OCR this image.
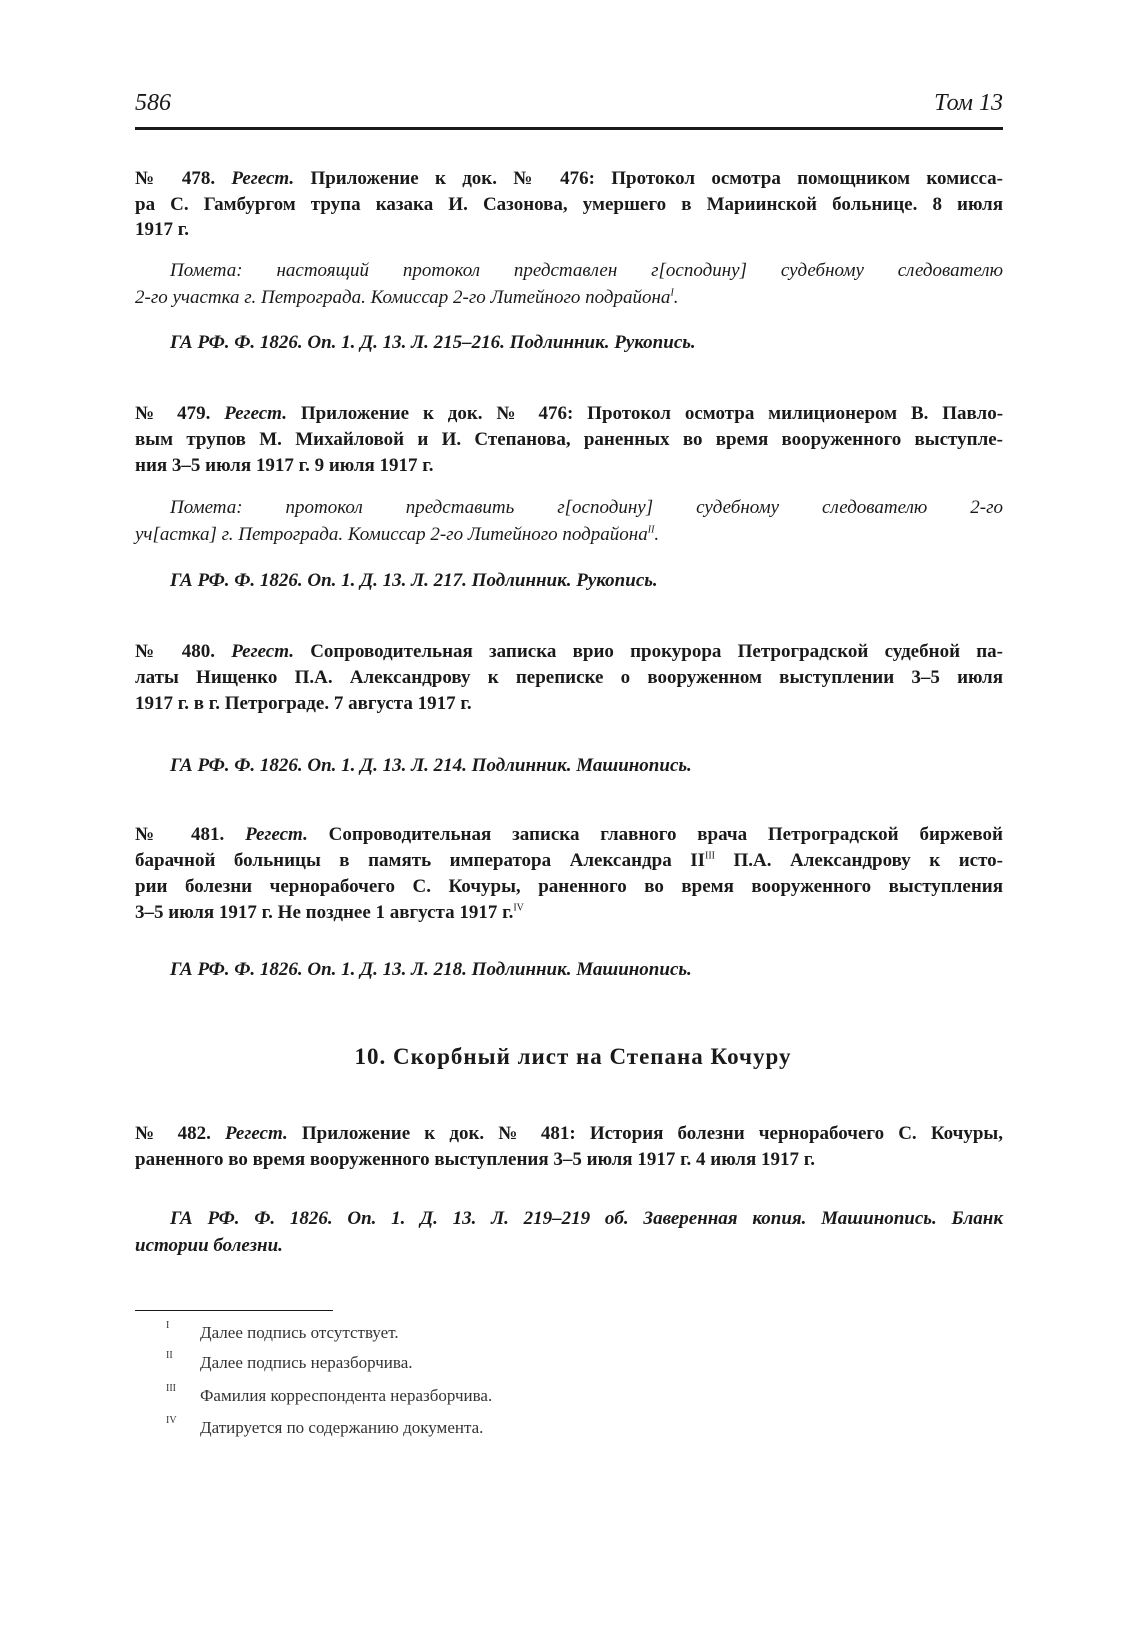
586	Том 13
№ 478. Регест. Приложение к док. № 476: Протокол осмотра помощником комисса-
ра С. Гамбургом трупа казака И. Сазонова, умершего в Мариинской больнице. 8 июля
1917 г.
Помета: настоящий протокол представлен г[осподину] судебному следователю
2-го участка г. Петрограда. Комиссар 2-го Литейного подрайона$^I$.
ГА РФ. Ф. 1826. Оп. 1. Д. 13. Л. 215–216. Подлинник. Рукопись.
№ 479. Регест. Приложение к док. № 476: Протокол осмотра милиционером В. Павло-
вым трупов М. Михайловой и И. Степанова, раненных во время вооруженного выступле-
ния 3–5 июля 1917 г. 9 июля 1917 г.
Помета: протокол представить г[осподину] судебному следователю 2-го
уч[астка] г. Петрограда. Комиссар 2-го Литейного подрайона$^{II}$.
ГА РФ. Ф. 1826. Оп. 1. Д. 13. Л. 217. Подлинник. Рукопись.
№ 480. Регест. Сопроводительная записка врио прокурора Петроградской судебной па-
латы Нищенко П.А. Александрову к переписке о вооруженном выступлении 3–5 июля
1917 г. в г. Петрограде. 7 августа 1917 г.
ГА РФ. Ф. 1826. Оп. 1. Д. 13. Л. 214. Подлинник. Машинопись.
№ 481. Регест. Сопроводительная записка главного врача Петроградской биржевой
барачной больницы в память императора Александра $II^{III}$ П.А. Александрову к исто-
рии болезни чернорабочего С. Кочуры, раненного во время вооруженного выступления
3–5 июля 1917 г. Не позднее 1 августа 1917 г.$^{IV}$
ГА РФ. Ф. 1826. Оп. 1. Д. 13. Л. 218. Подлинник. Машинопись.
№ 482. Регест. Приложение к док. № 481: История болезни чернорабочего С. Кочуры,
раненного во время вооруженного выступления 3–5 июля 1917 г. 4 июля 1917 г.
ГА РФ. Ф. 1826. Оп. 1. Д. 13. Л. 219–219 об. Заверенная копия. Машинопись. Бланк
истории болезни.
10. Скорбный лист на Степана Кочуру
I	Далее подпись отсутствует.
II	Далее подпись неразборчива.
III	Фамилия корреспондента неразборчива.
IV	Датируется по содержанию документа.
